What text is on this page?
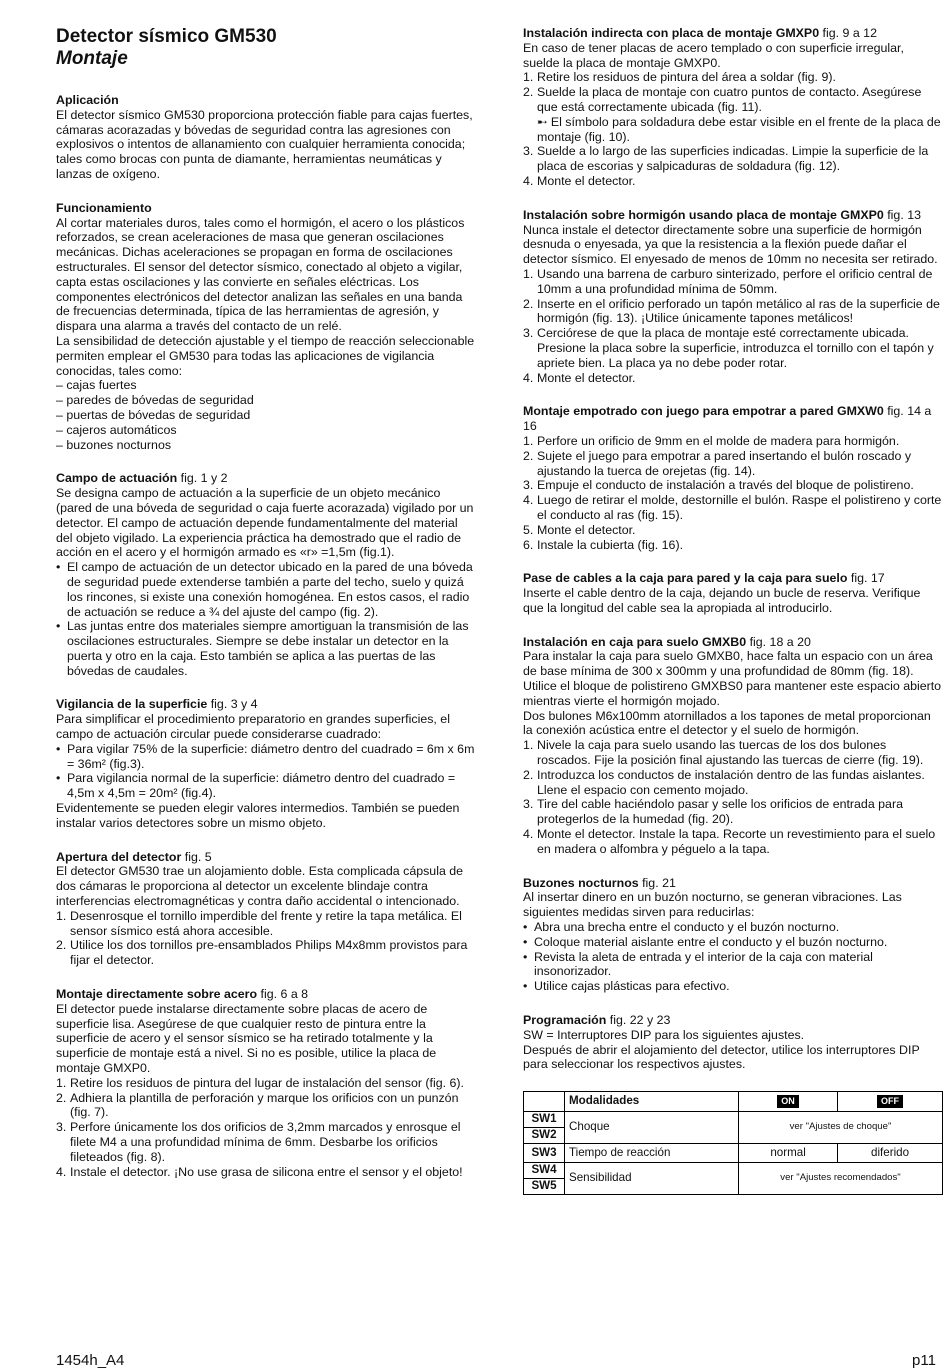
Detector sísmico GM530
Montaje

Aplicación

El detector sísmico GM530 proporciona protección fiable para cajas fuertes, cámaras acorazadas y bóvedas de seguridad contra las agresiones con explosivos o intentos de allanamiento con cualquier herramienta conocida; tales como brocas con punta de diamante, herramientas neumáticas y lanzas de oxígeno.

Funcionamiento

Al cortar materiales duros, tales como el hormigón, el acero o los plásticos reforzados, se crean aceleraciones de masa que generan oscilaciones mecánicas. Dichas aceleraciones se propagan en forma de oscilaciones estructurales. El sensor del detector sísmico, conectado al objeto a vigilar, capta estas oscilaciones y las convierte en señales eléctricas. Los componentes electrónicos del detector analizan las señales en una banda de frecuencias determinada, típica de las herramientas de agresión, y dispara una alarma a través del contacto de un relé.

La sensibilidad de detección ajustable y el tiempo de reacción seleccionable permiten emplear el GM530 para todas las aplicaciones de vigilancia conocidas, tales como:

– cajas fuertes

– paredes de bóvedas de seguridad

– puertas de bóvedas de seguridad

– cajeros automáticos

– buzones nocturnos

Campo de actuación fig. 1 y 2

Se designa campo de actuación a la superficie de un objeto mecánico (pared de una bóveda de seguridad o caja fuerte acorazada) vigilado por un detector. El campo de actuación depende fundamentalmente del material del objeto vigilado. La experiencia práctica ha demostrado que el radio de acción en el acero y el hormigón armado es «r» =1,5m (fig.1).

• El campo de actuación de un detector ubicado en la pared de una bóveda de seguridad puede extenderse también a parte del techo, suelo y quizá los rincones, si existe una conexión homogénea. En estos casos, el radio de actuación se reduce a ¾ del ajuste del campo (fig. 2).
• Las juntas entre dos materiales siempre amortiguan la transmisión de las oscilaciones estructurales. Siempre se debe instalar un detector en la puerta y otro en la caja. Esto también se aplica a las puertas de las bóvedas de caudales.

Vigilancia de la superficie fig. 3 y 4

Para simplificar el procedimiento preparatorio en grandes superficies, el campo de actuación circular puede considerarse cuadrado:

• Para vigilar 75% de la superficie: diámetro dentro del cuadrado = 6m x 6m = 36m² (fig.3).
• Para vigilancia normal de la superficie: diámetro dentro del cuadrado = 4,5m x 4,5m = 20m² (fig.4).

Evidentemente se pueden elegir valores intermedios. También se pueden instalar varios detectores sobre un mismo objeto.

Apertura del detector fig. 5

El detector GM530 trae un alojamiento doble. Esta complicada cápsula de dos cámaras le proporciona al detector un excelente blindaje contra interferencias electromagnéticas y contra daño accidental o intencionado.

1. Desenrosque el tornillo imperdible del frente y retire la tapa metálica. El sensor sísmico está ahora accesible.
2. Utilice los dos tornillos pre-ensamblados Philips M4x8mm provistos para fijar el detector.

Montaje directamente sobre acero fig. 6 a 8

El detector puede instalarse directamente sobre placas de acero de superficie lisa. Asegúrese de que cualquier resto de pintura entre la superficie de acero y el sensor sísmico se ha retirado totalmente y la superficie de montaje está a nivel. Si no es posible, utilice la placa de montaje GMXP0.

1. Retire los residuos de pintura del lugar de instalación del sensor (fig. 6).
2. Adhiera la plantilla de perforación y marque los orificios con un punzón (fig. 7).
3. Perfore únicamente los dos orificios de 3,2mm marcados y enrosque el filete M4 a una profundidad mínima de 6mm. Desbarbe los orificios fileteados (fig. 8).
4. Instale el detector. ¡No use grasa de silicona entre el sensor y el objeto!

Instalación indirecta con placa de montaje GMXP0 fig. 9 a 12

En caso de tener placas de acero templado o con superficie irregular, suelde la placa de montaje GMXP0.

1. Retire los residuos de pintura del área a soldar (fig. 9).
2. Suelde la placa de montaje con cuatro puntos de contacto. Asegúrese que está correctamente ubicada (fig. 11).
➸ El símbolo para soldadura debe estar visible en el frente de la placa de montaje (fig. 10).
3. Suelde a lo largo de las superficies indicadas. Limpie la superficie de la placa de escorias y salpicaduras de soldadura (fig. 12).
4. Monte el detector.

Instalación sobre hormigón usando placa de montaje GMXP0 fig. 13

Nunca instale el detector directamente sobre una superficie de hormigón desnuda o enyesada, ya que la resistencia a la flexión puede dañar el detector sísmico. El enyesado de menos de 10mm no necesita ser retirado.

1. Usando una barrena de carburo sinterizado, perfore el orificio central de 10mm a una profundidad mínima de 50mm.
2. Inserte en el orificio perforado un tapón metálico al ras de la superficie de hormigón (fig. 13). ¡Utilice únicamente tapones metálicos!
3. Cerciórese de que la placa de montaje esté correctamente ubicada. Presione la placa sobre la superficie, introduzca el tornillo con el tapón y apriete bien. La placa ya no debe poder rotar.
4. Monte el detector.

Montaje empotrado con juego para empotrar a pared GMXW0 fig. 14 a 16

1. Perfore un orificio de 9mm en el molde de madera para hormigón.
2. Sujete el juego para empotrar a pared insertando el bulón roscado y ajustando la tuerca de orejetas (fig. 14).
3. Empuje el conducto de instalación a través del bloque de polistireno.
4. Luego de retirar el molde, destornille el bulón. Raspe el polistireno y corte el conducto al ras (fig. 15).
5. Monte el detector.
6. Instale la cubierta (fig. 16).

Pase de cables a la caja para pared y la caja para suelo fig. 17

Inserte el cable dentro de la caja, dejando un bucle de reserva. Verifique que la longitud del cable sea la apropiada al introducirlo.

Instalación en caja para suelo GMXB0 fig. 18 a 20

Para instalar la caja para suelo GMXB0, hace falta un espacio con un área de base mínima de 300 x 300mm y una profundidad de 80mm (fig. 18). Utilice el bloque de polistireno GMXBS0 para mantener este espacio abierto mientras vierte el hormigón mojado.

Dos bulones M6x100mm atornillados a los tapones de metal proporcionan la conexión acústica entre el detector y el suelo de hormigón.

1. Nivele la caja para suelo usando las tuercas de los dos bulones roscados. Fije la posición final ajustando las tuercas de cierre (fig. 19).
2. Introduzca los conductos de instalación dentro de las fundas aislantes. Llene el espacio con cemento mojado.
3. Tire del cable haciéndolo pasar y selle los orificios de entrada para protegerlos de la humedad (fig. 20).
4. Monte el detector. Instale la tapa. Recorte un revestimiento para el suelo en madera o alfombra y péguelo a la tapa.

Buzones nocturnos fig. 21

Al insertar dinero en un buzón nocturno, se generan vibraciones. Las siguientes medidas sirven para reducirlas:

• Abra una brecha entre el conducto y el buzón nocturno.
• Coloque material aislante entre el conducto y el buzón nocturno.
• Revista la aleta de entrada y el interior de la caja con material insonorizador.
• Utilice cajas plásticas para efectivo.

Programación fig. 22 y 23

SW = Interruptores DIP para los siguientes ajustes.

Después de abrir el alojamiento del detector, utilice los interruptores DIP para seleccionar los respectivos ajustes.

	Modalidades	ON	OFF
SW1	Choque	ver "Ajustes de choque"	
SW2			
SW3	Tiempo de reacción	normal	diferido
SW4	Sensibilidad	ver "Ajustes recomendados"	
SW5			
1454h_A4	p11
